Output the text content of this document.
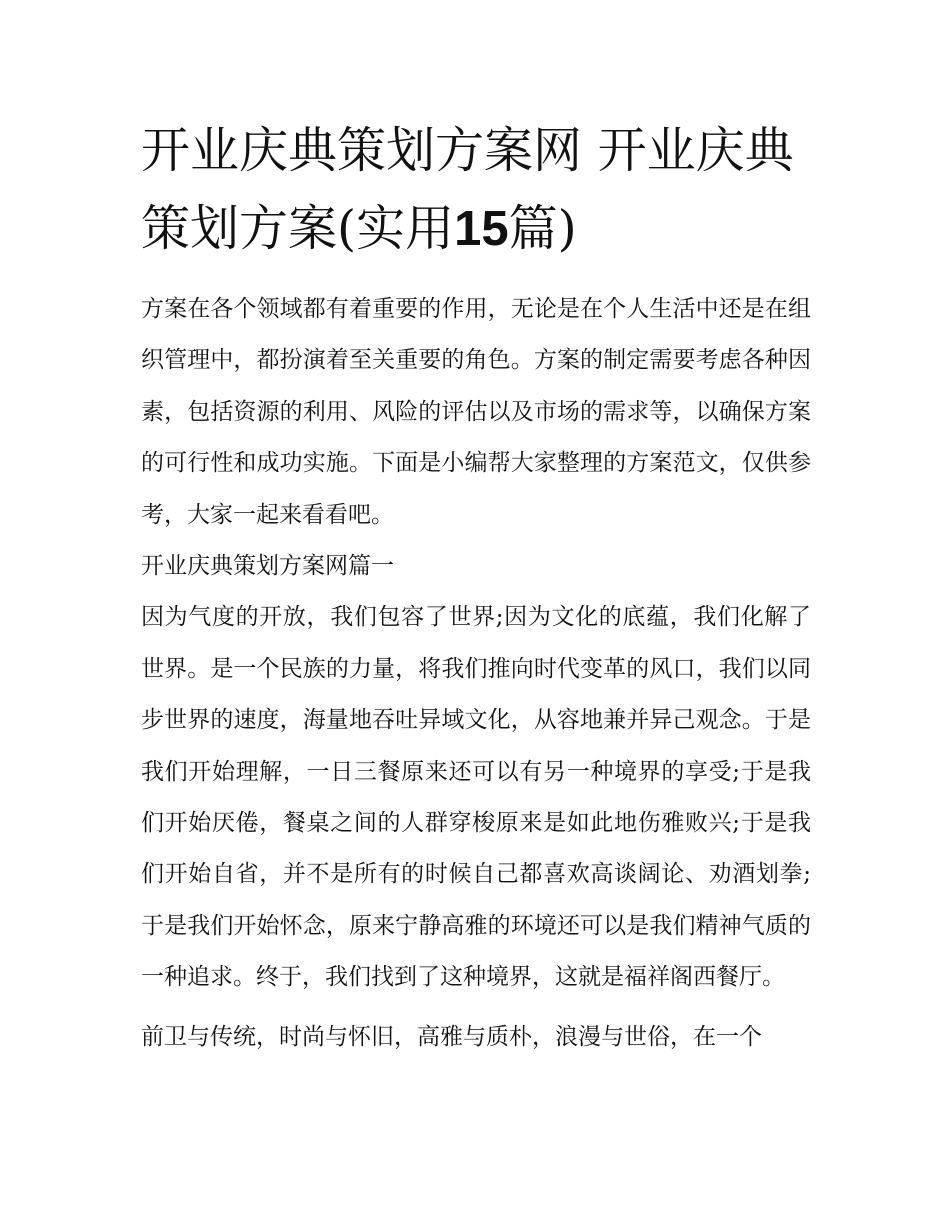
开业庆典策划方案网 开业庆典策划方案(实用15篇)

方案在各个领域都有着重要的作用，无论是在个人生活中还是在组织管理中，都扮演着至关重要的角色。方案的制定需要考虑各种因素，包括资源的利用、风险的评估以及市场的需求等，以确保方案的可行性和成功实施。下面是小编帮大家整理的方案范文，仅供参考，大家一起来看看吧。

开业庆典策划方案网篇一

因为气度的开放，我们包容了世界;因为文化的底蕴，我们化解了世界。是一个民族的力量，将我们推向时代变革的风口，我们以同步世界的速度，海量地吞吐异域文化，从容地兼并异己观念。于是我们开始理解，一日三餐原来还可以有另一种境界的享受;于是我们开始厌倦，餐桌之间的人群穿梭原来是如此地伤雅败兴;于是我们开始自省，并不是所有的时候自己都喜欢高谈阔论、劝酒划拳;于是我们开始怀念，原来宁静高雅的环境还可以是我们精神气质的一种追求。终于，我们找到了这种境界，这就是福祥阁西餐厅。

前卫与传统，时尚与怀旧，高雅与质朴，浪漫与世俗，在一个
